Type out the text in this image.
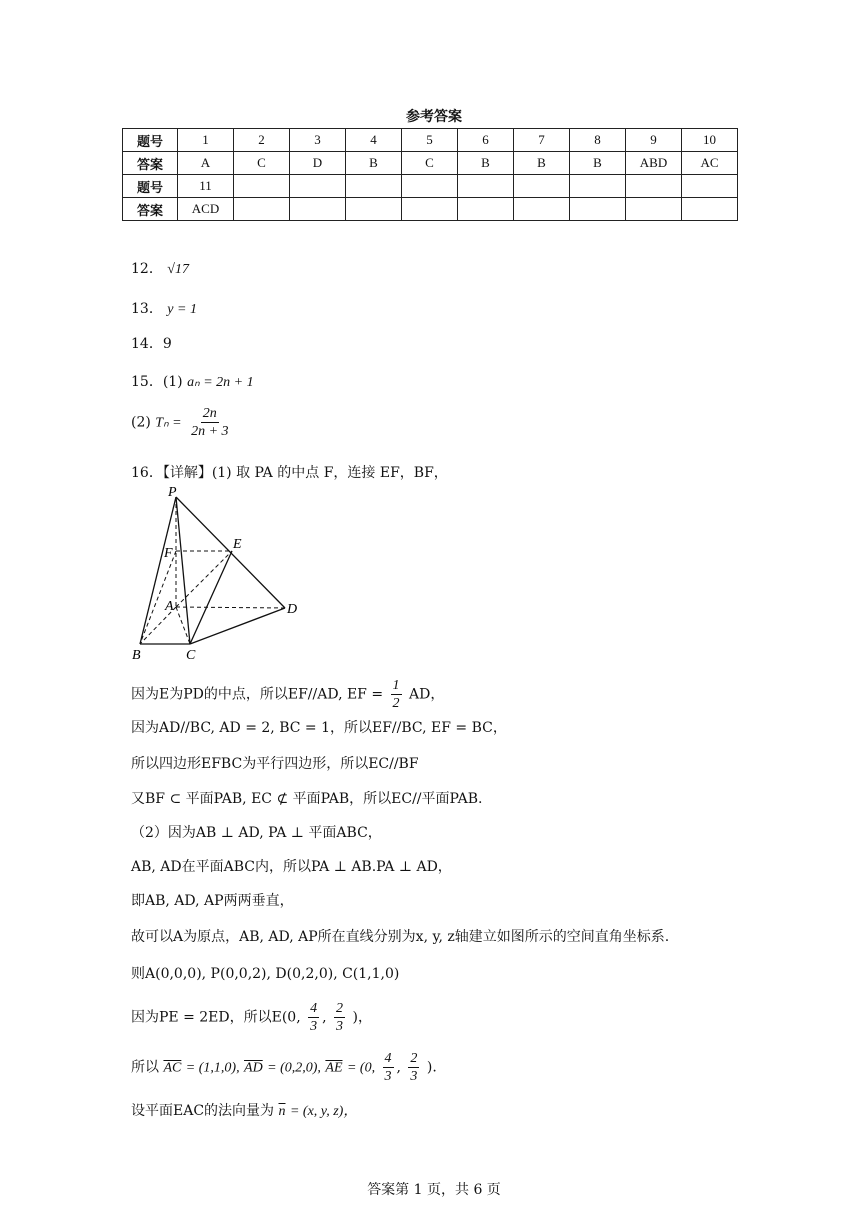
参考答案
题号	1	2	3	4	5	6	7	8	9	10
答案	A	C	D	B	C	B	B	B	ABD	AC
题号	11									
答案	ACD									
12． √17
13． y = 1
14．9
15．(1) aₙ = 2n + 1
(2) $T_n = \frac{2n}{2n + 3}$
16．【详解】(1) 取 PA 的中点 F，连接 EF，BF，
P
E
F
A	D
B	C
因为E为PD的中点，所以EF//AD, EF = $\frac{1}{2}$ AD，
因为AD//BC, AD = 2, BC = 1，所以EF//BC, EF = BC，
所以四边形EFBC为平行四边形，所以EC//BF
又BF ⊂ 平面PAB, EC ⊄ 平面PAB，所以EC//平面PAB.
（2）因为AB ⊥ AD, PA ⊥ 平面ABC，
AB, AD在平面ABC内，所以PA ⊥ AB.PA ⊥ AD，
即AB, AD, AP两两垂直，
故可以A为原点，AB, AD, AP所在直线分别为x, y, z轴建立如图所示的空间直角坐标系.
则A(0,0,0), P(0,0,2), D(0,2,0), C(1,1,0)
因为PE = 2ED，所以E(0, $\frac{4}{3}$ , $\frac{2}{3}$ )，
所以 $\overline{AC} = (1,1,0)$, $\overline{AD} = (0,2,0)$, $\overline{AE} = (0$, $\frac{4}{3}$ , $\frac{2}{3}$ ).
设平面EAC的法向量为 $\overline{n} = (x$, y, z)，
答案第 1 页，共 6 页
